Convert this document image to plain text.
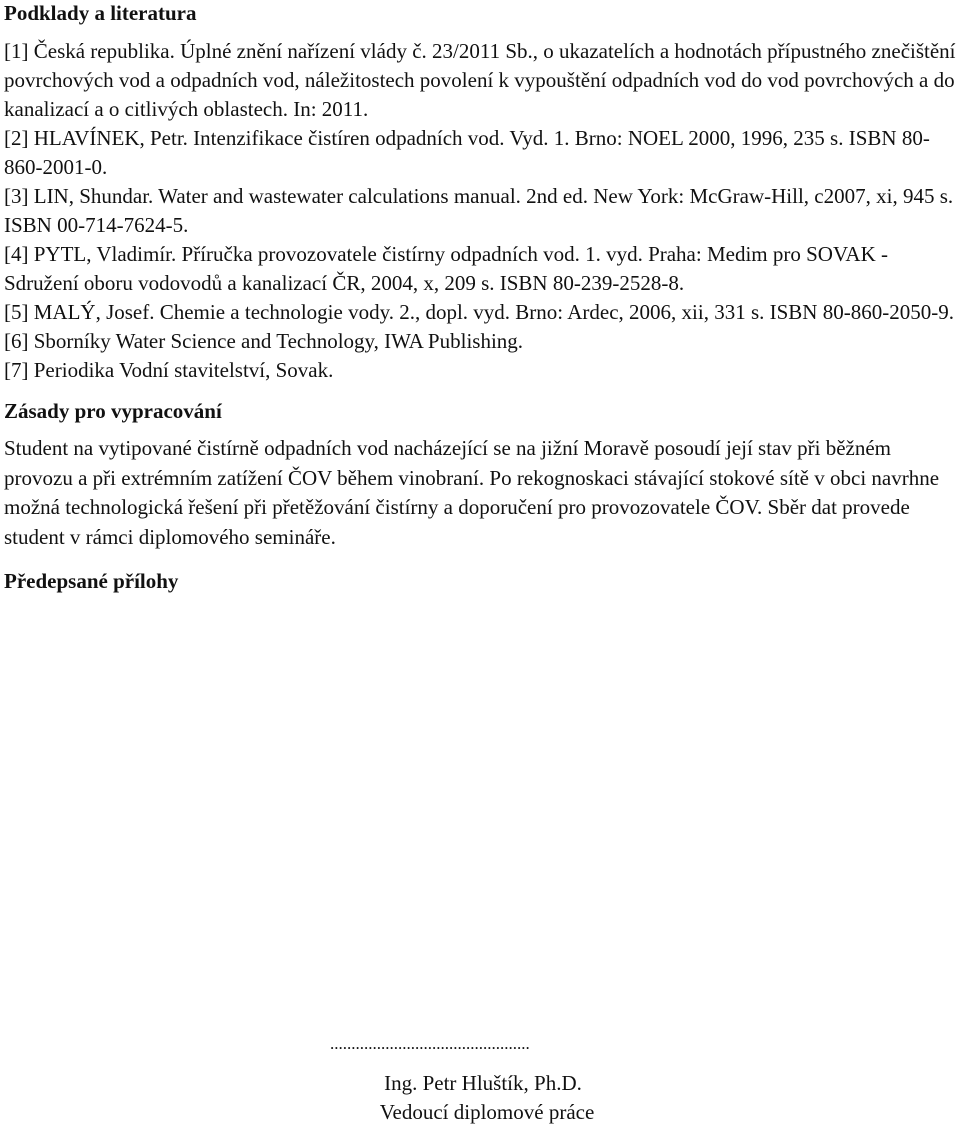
Podklady a literatura

[1] Česká republika. Úplné znění nařízení vlády č. 23/2011 Sb., o ukazatelích a hodnotách přípustného znečištění povrchových vod a odpadních vod, náležitostech povolení k vypouštění odpadních vod do vod povrchových a do kanalizací a o citlivých oblastech. In: 2011.

[2] HLAVÍNEK, Petr. Intenzifikace čistíren odpadních vod. Vyd. 1. Brno: NOEL 2000, 1996, 235 s. ISBN 80-860-2001-0.

[3] LIN, Shundar. Water and wastewater calculations manual. 2nd ed. New York: McGraw-Hill, c2007, xi, 945 s. ISBN 00-714-7624-5.

[4] PYTL, Vladimír. Příručka provozovatele čistírny odpadních vod. 1. vyd. Praha: Medim pro SOVAK - Sdružení oboru vodovodů a kanalizací ČR, 2004, x, 209 s. ISBN 80-239-2528-8.

[5] MALÝ, Josef. Chemie a technologie vody. 2., dopl. vyd. Brno: Ardec, 2006, xii, 331 s. ISBN 80-860-2050-9.

[6] Sborníky Water Science and Technology, IWA Publishing.

[7] Periodika Vodní stavitelství, Sovak.

Zásady pro vypracování

Student na vytipované čistírně odpadních vod nacházející se na jižní Moravě posoudí její stav při běžném provozu a při extrémním zatížení ČOV během vinobraní. Po rekognoskaci stávající stokové sítě v obci navrhne možná technologická řešení při přetěžování čistírny a doporučení pro provozovatele ČOV. Sběr dat provede student v rámci diplomového semináře.

Předepsané přílohy
...............................................
Ing. Petr Hluštík, Ph.D.
Vedoucí diplomové práce
